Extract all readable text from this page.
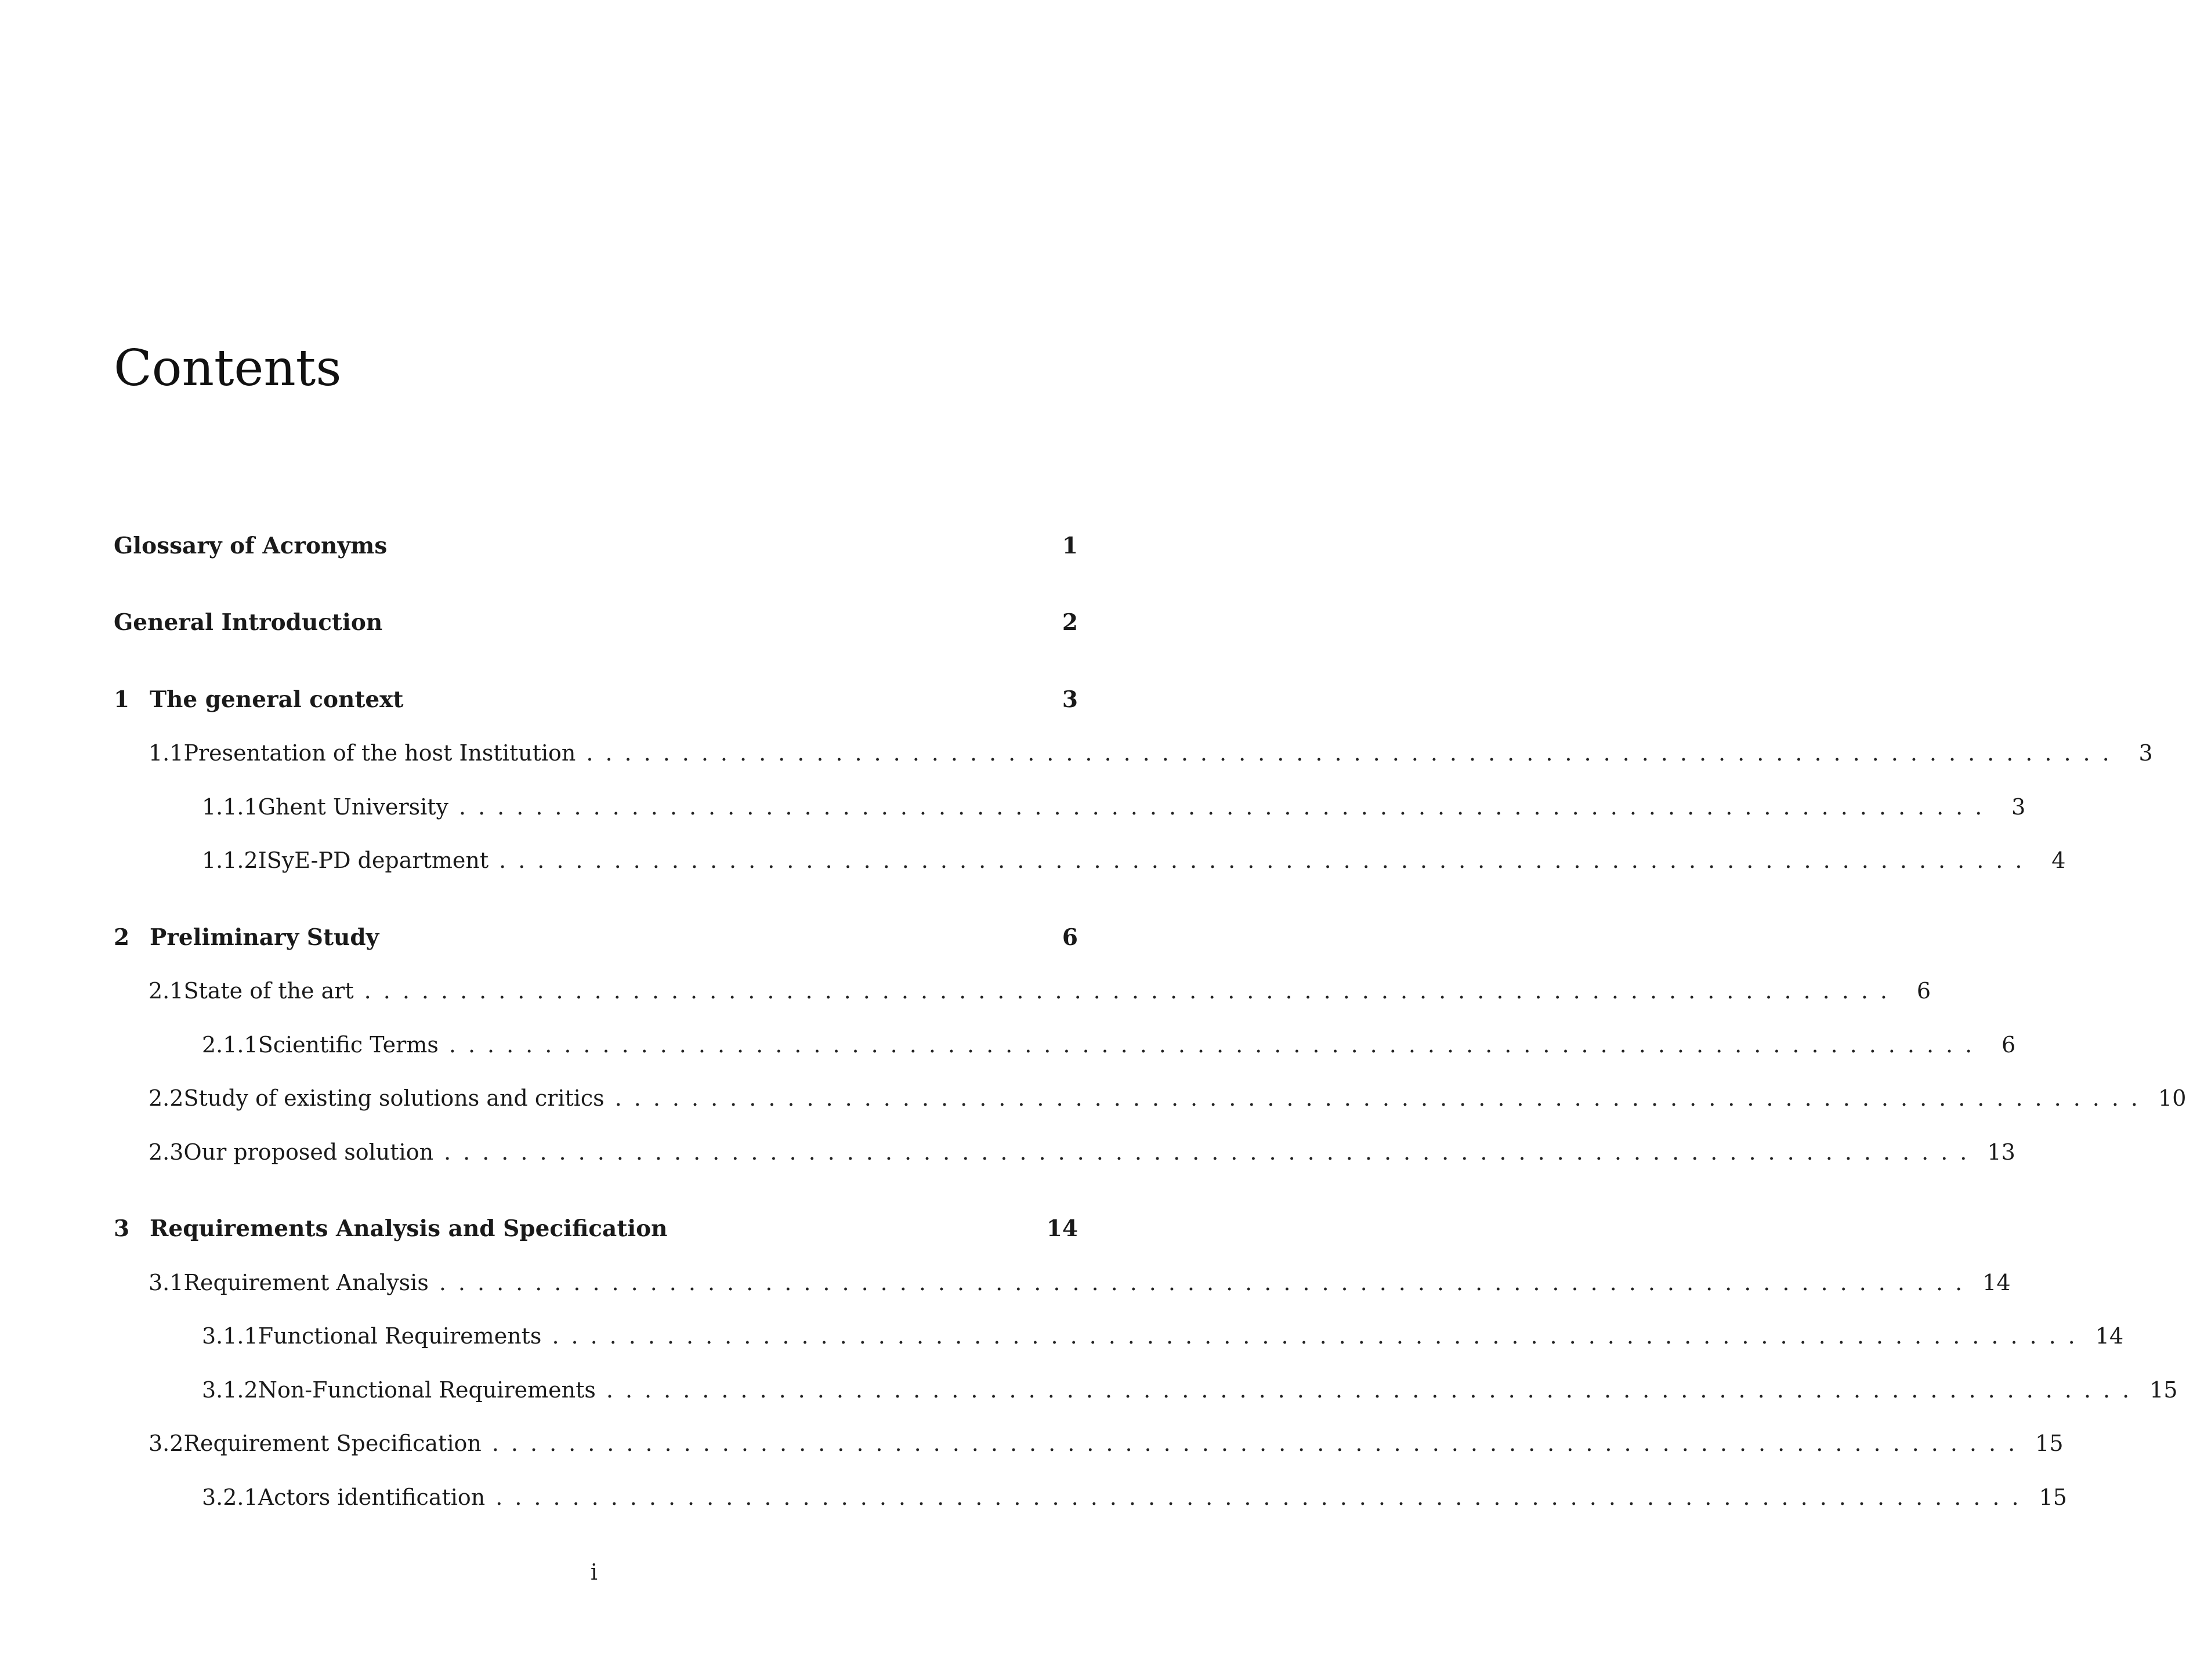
Contents
Glossary of Acronyms	1
General Introduction	2
1 The general context	3
1.1 Presentation of the host Institution ................................................................................ 3
1.1.1 Ghent University ................................................................................ 3
1.1.2 ISyE-PD department ................................................................................ 4
2 Preliminary Study	6
2.1 State of the art ................................................................................ 6
2.1.1 Scientific Terms ................................................................................ 6
2.2 Study of existing solutions and critics ................................................................................ 10
2.3 Our proposed solution ................................................................................ 13
3 Requirements Analysis and Specification	14
3.1 Requirement Analysis ................................................................................ 14
3.1.1 Functional Requirements ................................................................................ 14
3.1.2 Non-Functional Requirements ................................................................................ 15
3.2 Requirement Specification ................................................................................ 15
3.2.1 Actors identification ................................................................................ 15
i
